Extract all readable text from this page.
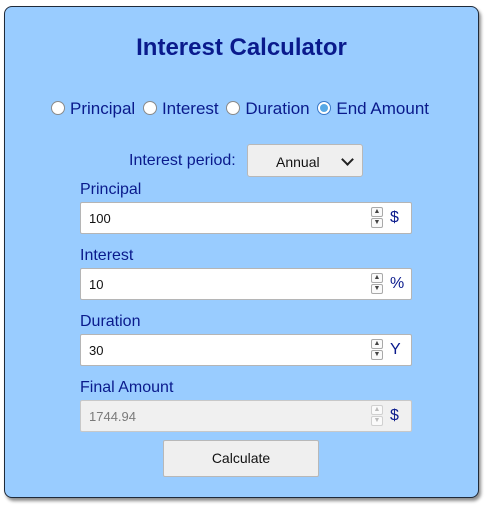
Interest Calculator
Principal Interest Duration End Amount
Interest period:	Annual
Principal
100	▲
▼ $
Interest
10	▲
▼ %
Duration
30	▲
▼ Y
Final Amount
1744.94	▲
▼ $
Calculate
